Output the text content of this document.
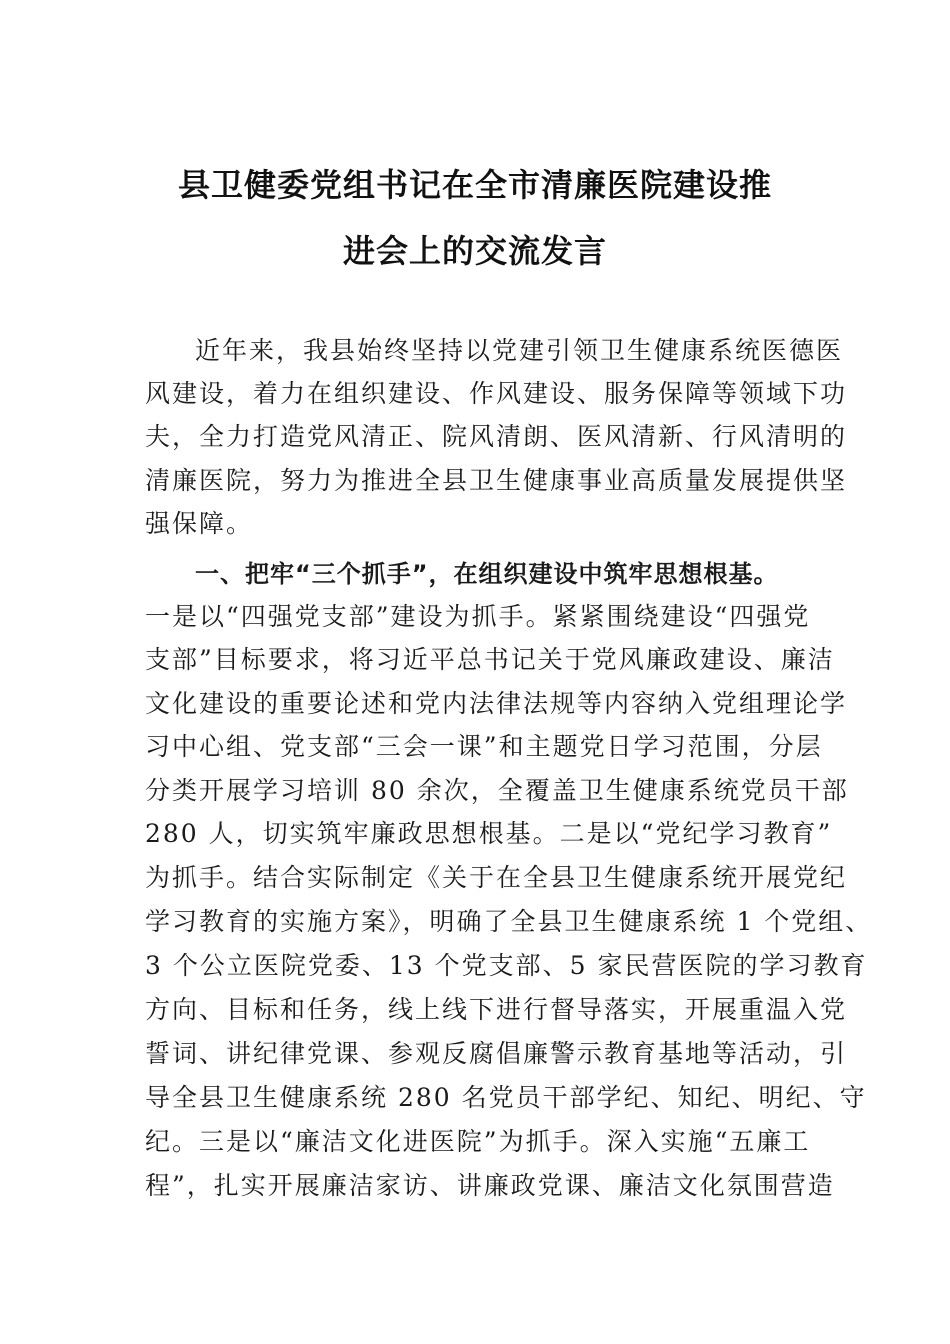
县卫健委党组书记在全市清廉医院建设推
进会上的交流发言

近年来，我县始终坚持以党建引领卫生健康系统医德医

风建设，着力在组织建设、作风建设、服务保障等领域下功

夫，全力打造党风清正、院风清朗、医风清新、行风清明的

清廉医院，努力为推进全县卫生健康事业高质量发展提供坚

强保障。

一、把牢“三个抓手”，在组织建设中筑牢思想根基。

一是以“四强党支部”建设为抓手。紧紧围绕建设“四强党

支部”目标要求，将习近平总书记关于党风廉政建设、廉洁

文化建设的重要论述和党内法律法规等内容纳入党组理论学

习中心组、党支部“三会一课”和主题党日学习范围，分层

分类开展学习培训 80 余次，全覆盖卫生健康系统党员干部

280 人，切实筑牢廉政思想根基。二是以“党纪学习教育”

为抓手。结合实际制定《关于在全县卫生健康系统开展党纪

学习教育的实施方案》，明确了全县卫生健康系统 1 个党组、

3 个公立医院党委、13 个党支部、5 家民营医院的学习教育

方向、目标和任务，线上线下进行督导落实，开展重温入党

誓词、讲纪律党课、参观反腐倡廉警示教育基地等活动，引

导全县卫生健康系统 280 名党员干部学纪、知纪、明纪、守

纪。三是以“廉洁文化进医院”为抓手。深入实施“五廉工

程”，扎实开展廉洁家访、讲廉政党课、廉洁文化氛围营造
